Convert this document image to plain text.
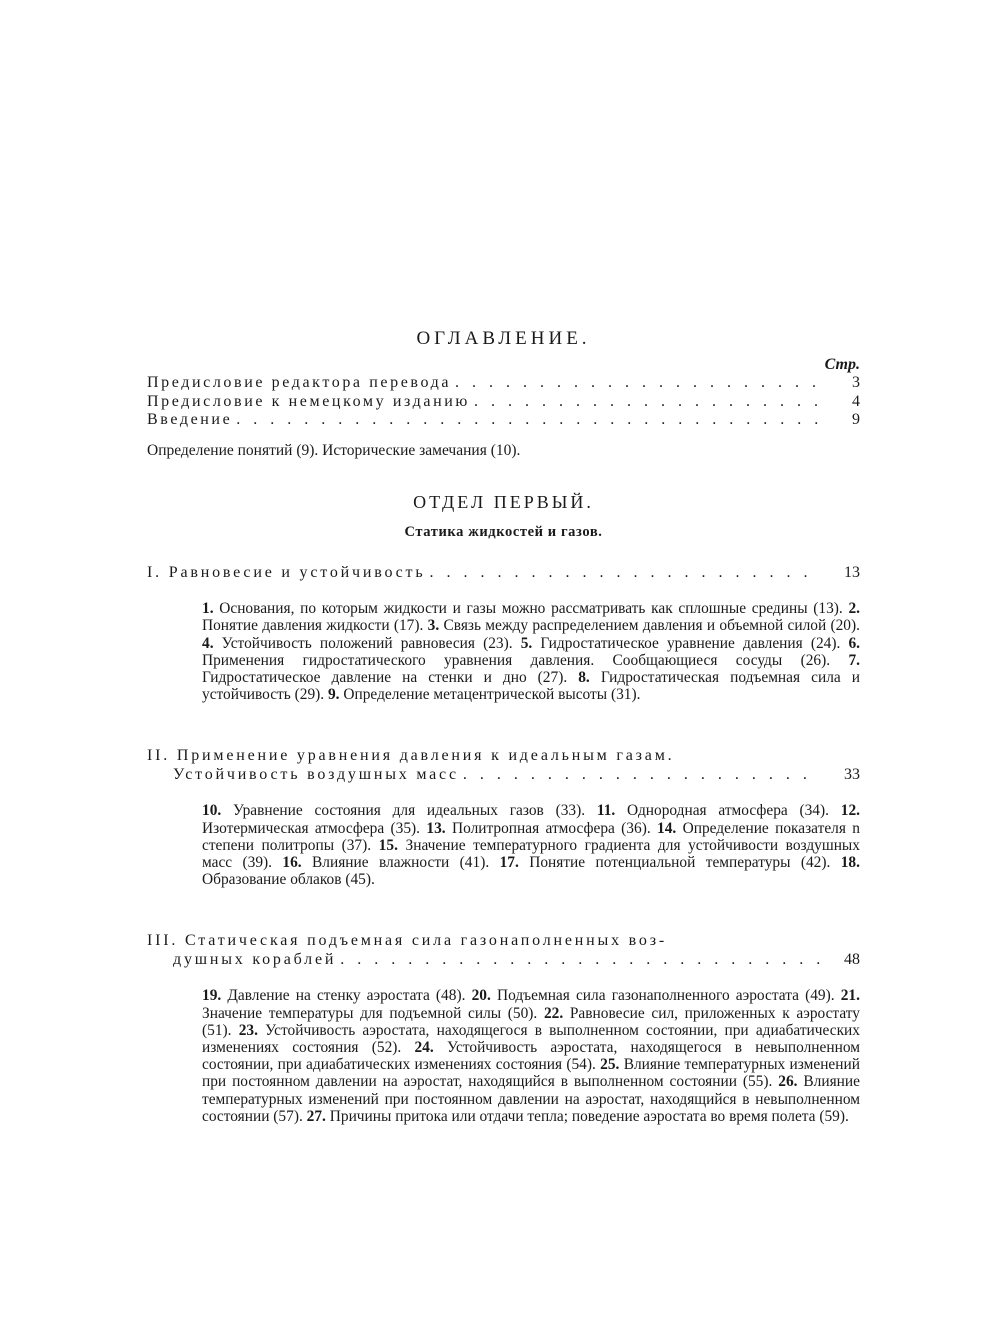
ОГЛАВЛЕНИЕ.
Стр.
Предисловие редактора перевода . . .	3
Предисловие к немецкому изданию . . .	4
Введение . . .	9
Определение понятий (9). Исторические замечания (10).
ОТДЕЛ ПЕРВЫЙ.
Статика жидкостей и газов.
I. Равновесие и устойчивость . . .	13
1. Основания, по которым жидкости и газы можно рассматривать как сплошные средины (13). 2. Понятие давления жидкости (17). 3. Связь между распределением давления и объемной силой (20). 4. Устойчивость положений равновесия (23). 5. Гидростатическое уравнение давления (24). 6. Применения гидростатического уравнения давления. Сообщающиеся сосуды (26). 7. Гидростатическое давление на стенки и дно (27). 8. Гидростатическая подъемная сила и устойчивость (29). 9. Определение метацентрической высоты (31).
II. Применение уравнения давления к идеальным газам.
Устойчивость воздушных масс . . .	33
10. Уравнение состояния для идеальных газов (33). 11. Однородная атмосфера (34). 12. Изотермическая атмосфера (35). 13. Политропная атмосфера (36). 14. Определение показателя n степени политропы (37). 15. Значение температурного градиента для устойчивости воздушных масс (39). 16. Влияние влажности (41). 17. Понятие потенциальной температуры (42). 18. Образование облаков (45).
III. Статическая подъемная сила газонаполненных воз-
душных кораблей . . .	48
19. Давление на стенку аэростата (48). 20. Подъемная сила газонаполненного аэростата (49). 21. Значение температуры для подъемной силы (50). 22. Равновесие сил, приложенных к аэростату (51). 23. Устойчивость аэростата, находящегося в выполненном состоянии, при адиабатических изменениях состояния (52). 24. Устойчивость аэростата, находящегося в невыполненном состоянии, при адиабатических изменениях состояния (54). 25. Влияние температурных изменений при постоянном давлении на аэростат, находящийся в выполненном состоянии (55). 26. Влияние температурных изменений при постоянном давлении на аэростат, находящийся в невыполненном состоянии (57). 27. Причины притока или отдачи тепла; поведение аэростата во время полета (59).
